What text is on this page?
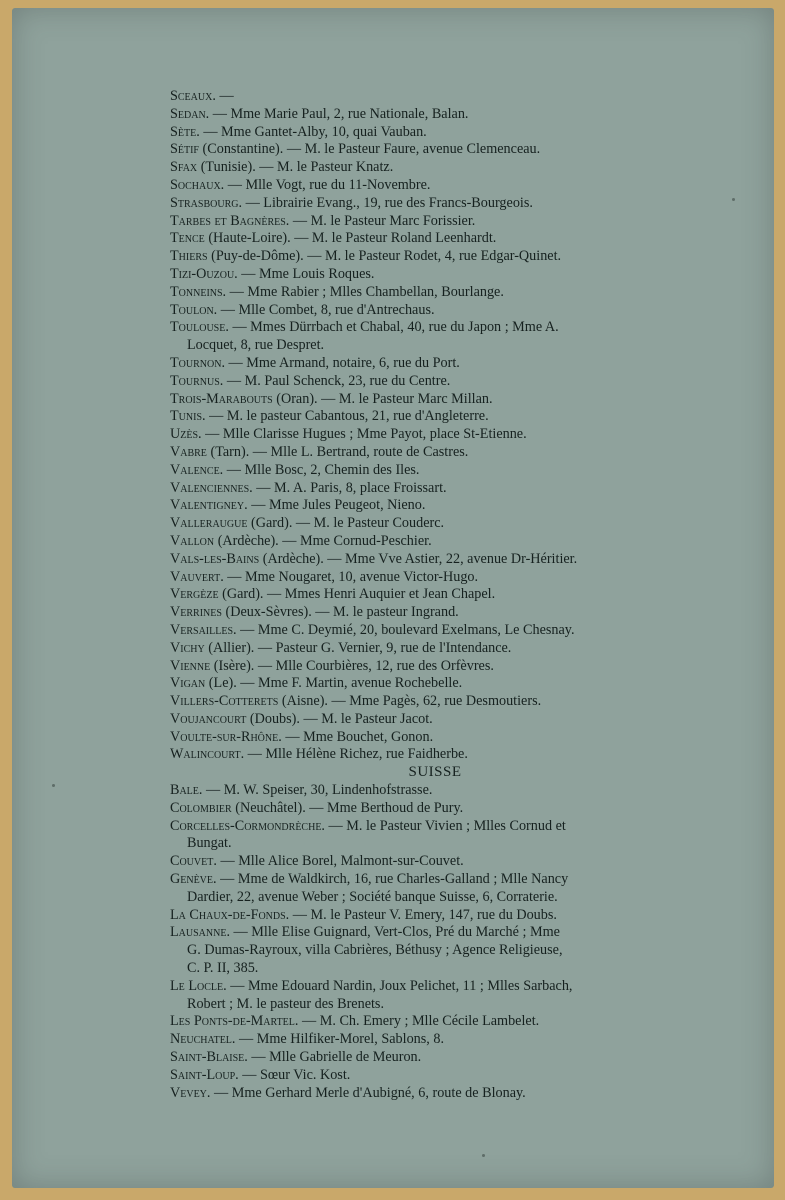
Sceaux. —
Sedan. — Mme Marie Paul, 2, rue Nationale, Balan.
Sète. — Mme Gantet-Alby, 10, quai Vauban.
Sétif (Constantine). — M. le Pasteur Faure, avenue Clemenceau.
Sfax (Tunisie). — M. le Pasteur Knatz.
Sochaux. — Mlle Vogt, rue du 11-Novembre.
Strasbourg. — Librairie Evang., 19, rue des Francs-Bourgeois.
Tarbes et Bagnères. — M. le Pasteur Marc Forissier.
Tence (Haute-Loire). — M. le Pasteur Roland Leenhardt.
Thiers (Puy-de-Dôme). — M. le Pasteur Rodet, 4, rue Edgar-Quinet.
Tizi-Ouzou. — Mme Louis Roques.
Tonneins. — Mme Rabier ; Mlles Chambellan, Bourlange.
Toulon. — Mlle Combet, 8, rue d'Antrechaus.
Toulouse. — Mmes Dürrbach et Chabal, 40, rue du Japon ; Mme A.
Locquet, 8, rue Despret.
Tournon. — Mme Armand, notaire, 6, rue du Port.
Tournus. — M. Paul Schenck, 23, rue du Centre.
Trois-Marabouts (Oran). — M. le Pasteur Marc Millan.
Tunis. — M. le pasteur Cabantous, 21, rue d'Angleterre.
Uzès. — Mlle Clarisse Hugues ; Mme Payot, place St-Etienne.
Vabre (Tarn). — Mlle L. Bertrand, route de Castres.
Valence. — Mlle Bosc, 2, Chemin des Iles.
Valenciennes. — M. A. Paris, 8, place Froissart.
Valentigney. — Mme Jules Peugeot, Nieno.
Valleraugue (Gard). — M. le Pasteur Couderc.
Vallon (Ardèche). — Mme Cornud-Peschier.
Vals-les-Bains (Ardèche). — Mme Vve Astier, 22, avenue Dr-Héritier.
Vauvert. — Mme Nougaret, 10, avenue Victor-Hugo.
Vergèze (Gard). — Mmes Henri Auquier et Jean Chapel.
Verrines (Deux-Sèvres). — M. le pasteur Ingrand.
Versailles. — Mme C. Deymié, 20, boulevard Exelmans, Le Chesnay.
Vichy (Allier). — Pasteur G. Vernier, 9, rue de l'Intendance.
Vienne (Isère). — Mlle Courbières, 12, rue des Orfèvres.
Vigan (Le). — Mme F. Martin, avenue Rochebelle.
Villers-Cotterets (Aisne). — Mme Pagès, 62, rue Desmoutiers.
Voujancourt (Doubs). — M. le Pasteur Jacot.
Voulte-sur-Rhône. — Mme Bouchet, Gonon.
Walincourt. — Mlle Hélène Richez, rue Faidherbe.
SUISSE
Bale. — M. W. Speiser, 30, Lindenhofstrasse.
Colombier (Neuchâtel). — Mme Berthoud de Pury.
Corcelles-Cormondrèche. — M. le Pasteur Vivien ; Mlles Cornud et
Bungat.
Couvet. — Mlle Alice Borel, Malmont-sur-Couvet.
Genève. — Mme de Waldkirch, 16, rue Charles-Galland ; Mlle Nancy
Dardier, 22, avenue Weber ; Société banque Suisse, 6, Corraterie.
La Chaux-de-Fonds. — M. le Pasteur V. Emery, 147, rue du Doubs.
Lausanne. — Mlle Elise Guignard, Vert-Clos, Pré du Marché ; Mme
G. Dumas-Rayroux, villa Cabrières, Béthusy ; Agence Religieuse,
C. P. II, 385.
Le Locle. — Mme Edouard Nardin, Joux Pelichet, 11 ; Mlles Sarbach,
Robert ; M. le pasteur des Brenets.
Les Ponts-de-Martel. — M. Ch. Emery ; Mlle Cécile Lambelet.
Neuchatel. — Mme Hilfiker-Morel, Sablons, 8.
Saint-Blaise. — Mlle Gabrielle de Meuron.
Saint-Loup. — Sœur Vic. Kost.
Vevey. — Mme Gerhard Merle d'Aubigné, 6, route de Blonay.
